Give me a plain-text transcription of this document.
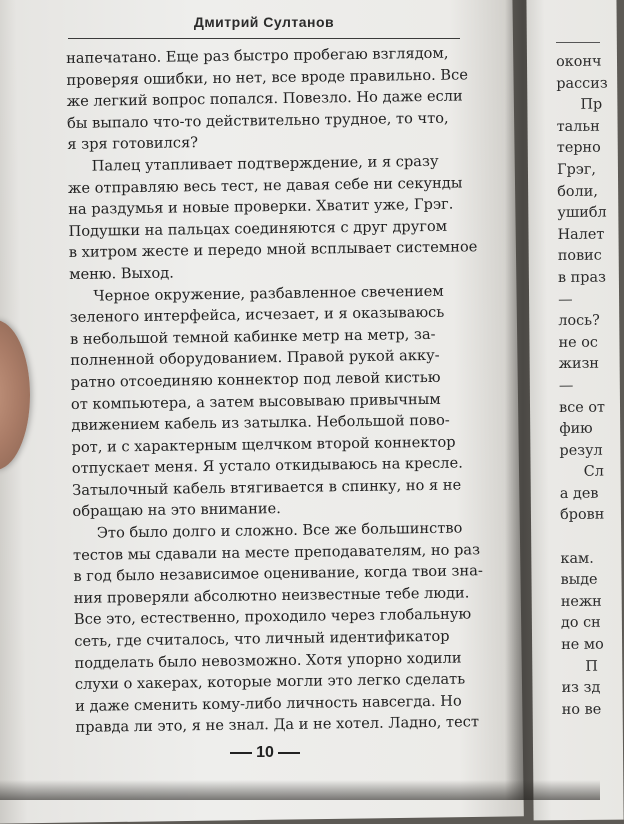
Дмитрий Султанов
напечатано. Еще раз быстро пробегаю взглядом,
проверяя ошибки, но нет, все вроде правильно. Все
же легкий вопрос попался. Повезло. Но даже если
бы выпало что-то действительно трудное, то что,
я зря готовился?
Палец утапливает подтверждение, и я сразу
же отправляю весь тест, не давая себе ни секунды
на раздумья и новые проверки. Хватит уже, Грэг.
Подушки на пальцах соединяются с друг другом
в хитром жесте и передо мной всплывает системное
меню. Выход.
Черное окружение, разбавленное свечением
зеленого интерфейса, исчезает, и я оказываюсь
в небольшой темной кабинке метр на метр, за-
полненной оборудованием. Правой рукой акку-
ратно отсоединяю коннектор под левой кистью
от компьютера, а затем высовываю привычным
движением кабель из затылка. Небольшой пово-
рот, и с характерным щелчком второй коннектор
отпускает меня. Я устало откидываюсь на кресле.
Затылочный кабель втягивается в спинку, но я не
обращаю на это внимание.
Это было долго и сложно. Все же большинство
тестов мы сдавали на месте преподавателям, но раз
в год было независимое оценивание, когда твои зна-
ния проверяли абсолютно неизвестные тебе люди.
Все это, естественно, проходило через глобальную
сеть, где считалось, что личный идентификатор
подделать было невозможно. Хотя упорно ходили
слухи о хакерах, которые могли это легко сделать
и даже сменить кому-либо личность навсегда. Но
правда ли это, я не знал. Да и не хотел. Ладно, тест
10
оконч
рассиз
Пр
тальн
терно
Грэг,
боли,
ушибл
Налет
повис
в праз
—
лось?
не ос
жизн
—
все от
фию
резул
Сл
а дев
бровн
кам.
выде
нежн
до сн
не мо
П
из зд
но ве
